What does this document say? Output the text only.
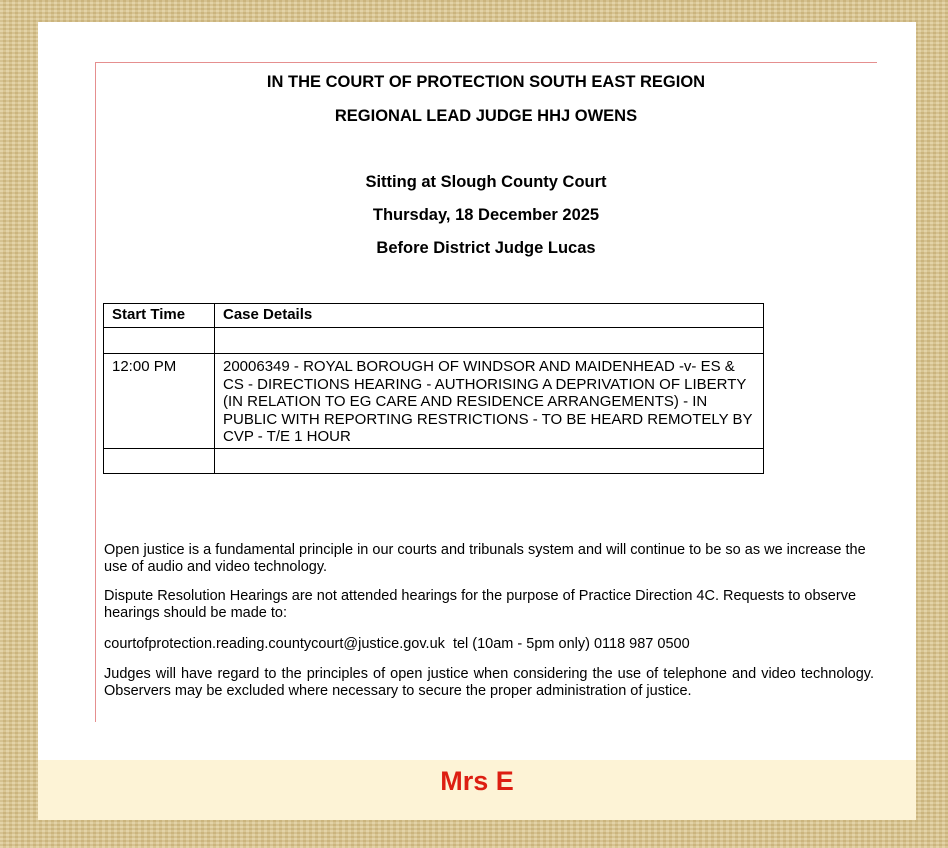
IN THE COURT OF PROTECTION SOUTH EAST REGION
REGIONAL LEAD JUDGE HHJ OWENS
Sitting at Slough County Court
Thursday, 18 December 2025
Before District Judge Lucas
Start Time	Case Details

12:00 PM	20006349 - ROYAL BOROUGH OF WINDSOR AND MAIDENHEAD -v- ES & CS - DIRECTIONS HEARING - AUTHORISING A DEPRIVATION OF LIBERTY (IN RELATION TO EG CARE AND RESIDENCE ARRANGEMENTS) - IN PUBLIC WITH REPORTING RESTRICTIONS - TO BE HEARD REMOTELY BY CVP - T/E 1 HOUR

Open justice is a fundamental principle in our courts and tribunals system and will continue to be so as we increase the use of audio and video technology.
Dispute Resolution Hearings are not attended hearings for the purpose of Practice Direction 4C. Requests to observe hearings should be made to:
courtofprotection.reading.countycourt@justice.gov.uk  tel (10am - 5pm only) 0118 987 0500
Judges will have regard to the principles of open justice when considering the use of telephone and video technology. Observers may be excluded where necessary to secure the proper administration of justice.
Mrs E
